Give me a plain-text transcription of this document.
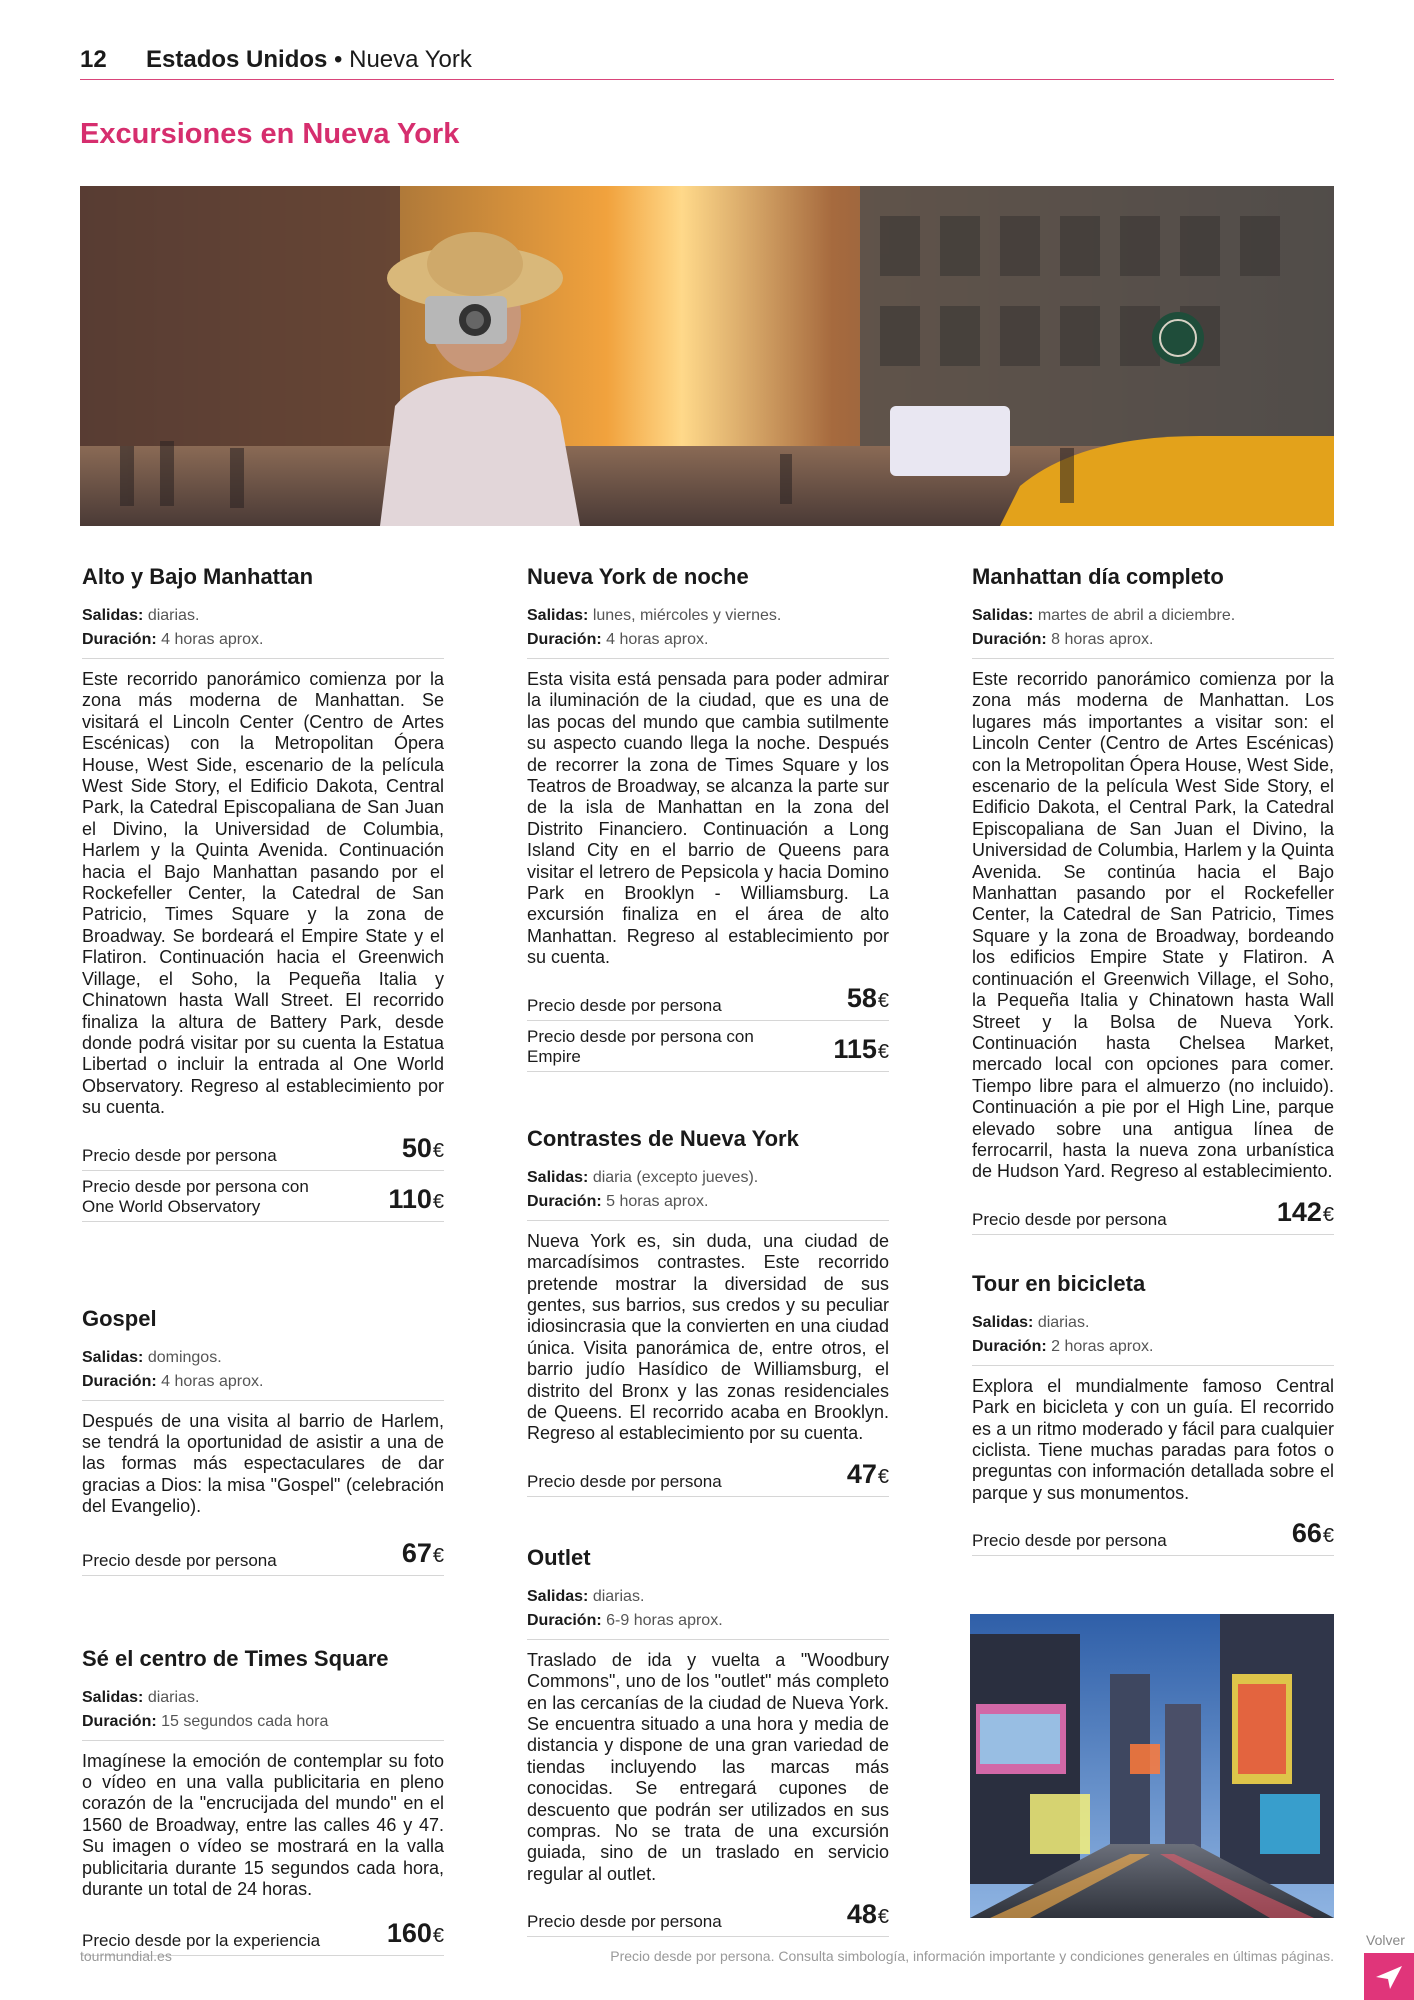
12 Estados Unidos • Nueva York
Excursiones en Nueva York
Alto y Bajo Manhattan
Salidas: diarias.
Duración: 4 horas aprox.

Este recorrido panorámico comienza por la zona más moderna de Manhattan. Se visitará el Lincoln Center (Centro de Artes Escénicas) con la Metropolitan Ópera House, West Side, escenario de la película West Side Story, el Edificio Dakota, Central Park, la Catedral Episcopaliana de San Juan el Divino, la Universidad de Columbia, Harlem y la Quinta Avenida. Continuación hacia el Bajo Manhattan pasando por el Rockefeller Center, la Catedral de San Patricio, Times Square y la zona de Broadway. Se bordeará el Empire State y el Flatiron. Continuación hacia el Greenwich Village, el Soho, la Pequeña Italia y Chinatown hasta Wall Street. El recorrido finaliza la altura de Battery Park, desde donde podrá visitar por su cuenta la Estatua Libertad o incluir la entrada al One World Observatory. Regreso al establecimiento por su cuenta.

Precio desde por persona	50€
Precio desde por persona con One World Observatory	110€
Gospel
Salidas: domingos.
Duración: 4 horas aprox.

Después de una visita al barrio de Harlem, se tendrá la oportunidad de asistir a una de las formas más espectaculares de dar gracias a Dios: la misa "Gospel" (celebración del Evangelio).

Precio desde por persona	67€
Sé el centro de Times Square
Salidas: diarias.
Duración: 15 segundos cada hora

Imagínese la emoción de contemplar su foto o vídeo en una valla publicitaria en pleno corazón de la "encrucijada del mundo" en el 1560 de Broadway, entre las calles 46 y 47. Su imagen o vídeo se mostrará en la valla publicitaria durante 15 segundos cada hora, durante un total de 24 horas.

Precio desde por la experiencia 160€
Nueva York de noche
Salidas: lunes, miércoles y viernes.
Duración: 4 horas aprox.

Esta visita está pensada para poder admirar la iluminación de la ciudad, que es una de las pocas del mundo que cambia sutilmente su aspecto cuando llega la noche. Después de recorrer la zona de Times Square y los Teatros de Broadway, se alcanza la parte sur de la isla de Manhattan en la zona del Distrito Financiero. Continuación a Long Island City en el barrio de Queens para visitar el letrero de Pepsicola y hacia Domino Park en Brooklyn - Williamsburg. La excursión finaliza en el área de alto Manhattan. Regreso al establecimiento por su cuenta.

Precio desde por persona	58€
Precio desde por persona con Empire	115€
Contrastes de Nueva York
Salidas: diaria (excepto jueves).
Duración: 5 horas aprox.

Nueva York es, sin duda, una ciudad de marcadísimos contrastes. Este recorrido pretende mostrar la diversidad de sus gentes, sus barrios, sus credos y su peculiar idiosincrasia que la convierten en una ciudad única. Visita panorámica de, entre otros, el barrio judío Hasídico de Williamsburg, el distrito del Bronx y las zonas residenciales de Queens. El recorrido acaba en Brooklyn. Regreso al establecimiento por su cuenta.

Precio desde por persona	47€
Outlet
Salidas: diarias.
Duración: 6-9 horas aprox.

Traslado de ida y vuelta a "Woodbury Commons", uno de los "outlet" más completo en las cercanías de la ciudad de Nueva York. Se encuentra situado a una hora y media de distancia y dispone de una gran variedad de tiendas incluyendo las marcas más conocidas. Se entregará cupones de descuento que podrán ser utilizados en sus compras. No se trata de una excursión guiada, sino de un traslado en servicio regular al outlet.

Precio desde por persona	48€
Manhattan día completo
Salidas: martes de abril a diciembre.
Duración: 8 horas aprox.

Este recorrido panorámico comienza por la zona más moderna de Manhattan. Los lugares más importantes a visitar son: el Lincoln Center (Centro de Artes Escénicas) con la Metropolitan Ópera House, West Side, escenario de la película West Side Story, el Edificio Dakota, el Central Park, la Catedral Episcopaliana de San Juan el Divino, la Universidad de Columbia, Harlem y la Quinta Avenida. Se continúa hacia el Bajo Manhattan pasando por el Rockefeller Center, la Catedral de San Patricio, Times Square y la zona de Broadway, bordeando los edificios Empire State y Flatiron. A continuación el Greenwich Village, el Soho, la Pequeña Italia y Chinatown hasta Wall Street y la Bolsa de Nueva York. Continuación hasta Chelsea Market, mercado local con opciones para comer. Tiempo libre para el almuerzo (no incluido). Continuación a pie por el High Line, parque elevado sobre una antigua línea de ferrocarril, hasta la nueva zona urbanística de Hudson Yard. Regreso al establecimiento.

Precio desde por persona	142€
Tour en bicicleta
Salidas: diarias.
Duración: 2 horas aprox.

Explora el mundialmente famoso Central Park en bicicleta y con un guía. El recorrido es a un ritmo moderado y fácil para cualquier ciclista. Tiene muchas paradas para fotos o preguntas con información detallada sobre el parque y sus monumentos.

Precio desde por persona	66€
tourmundial.es	Precio desde por persona. Consulta simbología, información importante y condiciones generales en últimas páginas.
Volver
